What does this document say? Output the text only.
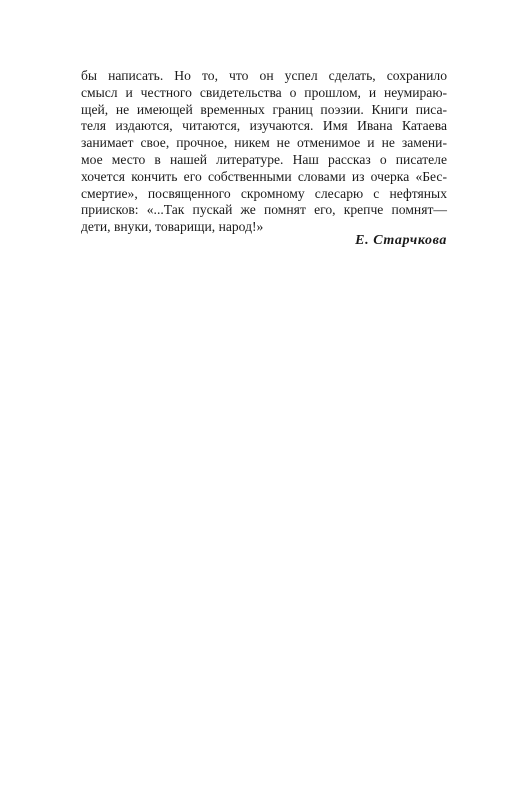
бы написать. Но то, что он успел сделать, сохранило
смысл и честного свидетельства о прошлом, и неумираю-
щей, не имеющей временных границ поэзии. Книги писа-
теля издаются, читаются, изучаются. Имя Ивана Катаева
занимает свое, прочное, никем не отменимое и не замени-
мое место в нашей литературе. Наш рассказ о писателе
хочется кончить его собственными словами из очерка «Бес-
смертие», посвященного скромному слесарю с нефтяных
приисков: «...Так пускай же помнят его, крепче помнят—
дети, внуки, товарищи, народ!»
Е. Старчкова
